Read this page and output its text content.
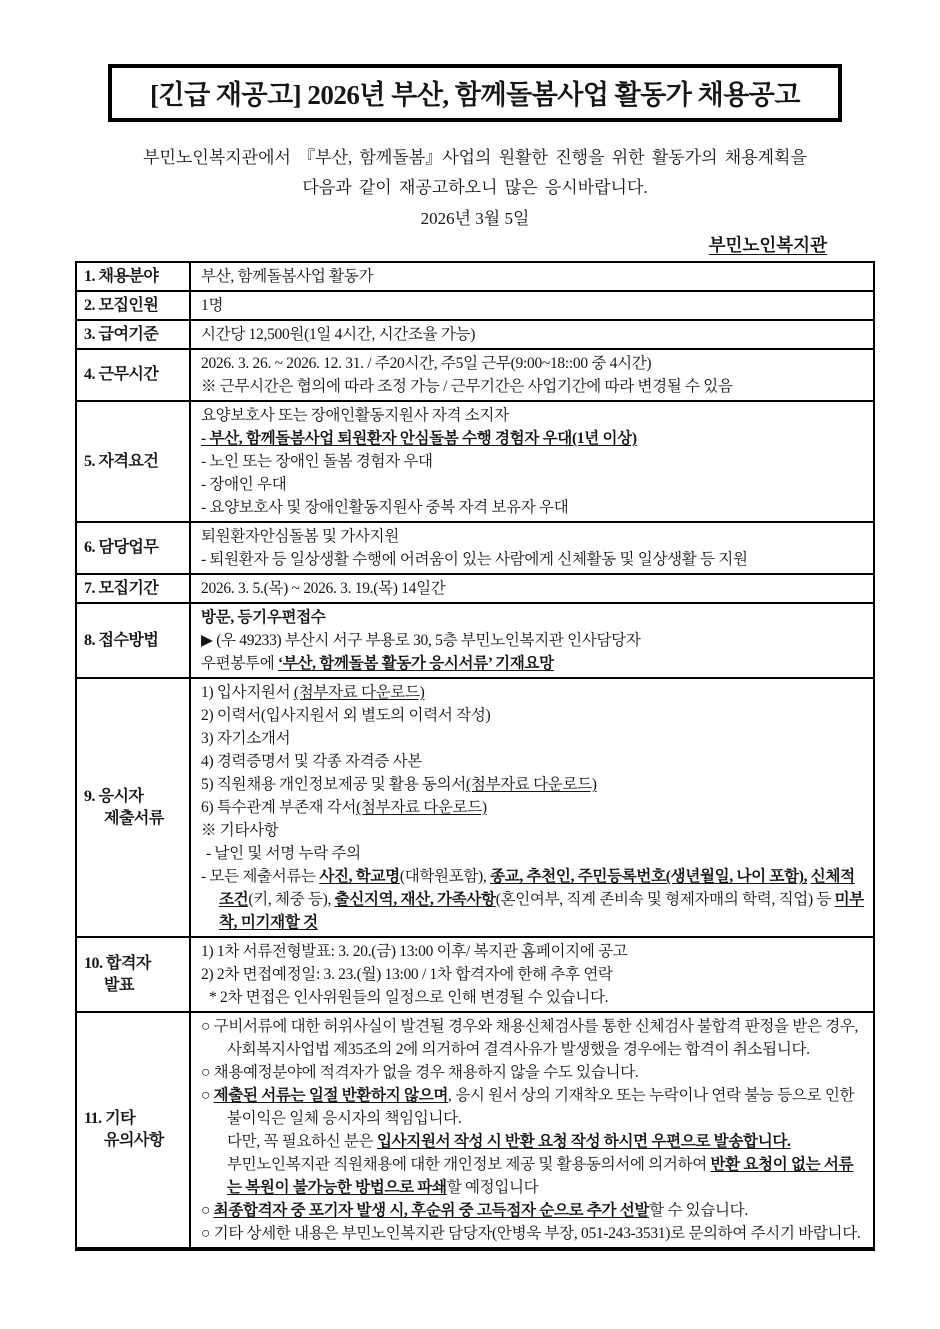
[긴급 재공고] 2026년 부산, 함께돌봄사업 활동가 채용공고
부민노인복지관에서 『부산, 함께돌봄』사업의 원활한 진행을 위한 활동가의 채용계획을
다음과 같이 재공고하오니 많은 응시바랍니다.
2026년 3월 5일
부민노인복지관
1. 채용분야	부산, 함께돌봄사업 활동가

2. 모집인원	1명

3. 급여기준	시간당 12,500원(1일 4시간, 시간조율 가능)

4. 근무시간	2026. 3. 26. ~ 2026. 12. 31. / 주20시간, 주5일 근무(9:00~18::00 중 4시간)
※ 근무시간은 협의에 따라 조정 가능 / 근무기간은 사업기간에 따라 변경될 수 있음

5. 자격요건	요양보호사 또는 장애인활동지원사 자격 소지자
- 부산, 함께돌봄사업 퇴원환자 안심돌봄 수행 경험자 우대(1년 이상)
- 노인 또는 장애인 돌봄 경험자 우대
- 장애인 우대
- 요양보호사 및 장애인활동지원사 중복 자격 보유자 우대

6. 담당업무	퇴원환자안심돌봄 및 가사지원
- 퇴원환자 등 일상생활 수행에 어려움이 있는 사람에게 신체활동 및 일상생활 등 지원

7. 모집기간	2026. 3. 5.(목) ~ 2026. 3. 19.(목) 14일간

8. 접수방법	방문, 등기우편접수
▶ (우 49233) 부산시 서구 부용로 30, 5층 부민노인복지관 인사담당자
우편봉투에 ‘부산, 함께돌봄 활동가 응시서류’ 기재요망

9. 응시자
제출서류

1) 입사지원서 (첨부자료 다운로드)
2) 이력서(입사지원서 외 별도의 이력서 작성)
3) 자기소개서
4) 경력증명서 및 각종 자격증 사본
5) 직원채용 개인정보제공 및 활용 동의서(첨부자료 다운로드)
6) 특수관계 부존재 각서(첨부자료 다운로드)
※ 기타사항
- 날인 및 서명 누락 주의
- 모든 제출서류는 사진, 학교명(대학원포함), 종교, 추천인, 주민등록번호(생년월일, 나이 포함), 신체적조건(키, 체중 등), 출신지역, 재산, 가족사항(혼인여부, 직계 존비속 및 형제자매의 학력, 직업) 등 미부착, 미기재할 것

10. 합격자
발표

1) 1차 서류전형발표: 3. 20.(금) 13:00 이후/ 복지관 홈페이지에 공고
2) 2차 면접예정일: 3. 23.(월) 13:00 / 1차 합격자에 한해 추후 연락
* 2차 면접은 인사위원들의 일정으로 인해 변경될 수 있습니다.

11. 기타
유의사항

○ 구비서류에 대한 허위사실이 발견될 경우와 채용신체검사를 통한 신체검사 불합격 판정을 받은 경우, 사회복지사업법 제35조의 2에 의거하여 결격사유가 발생했을 경우에는 합격이 취소됩니다.
○ 채용예정분야에 적격자가 없을 경우 채용하지 않을 수도 있습니다.
○ 제출된 서류는 일절 반환하지 않으며, 응시 원서 상의 기재착오 또는 누락이나 연락 불능 등으로 인한 불이익은 일체 응시자의 책임입니다.
다만, 꼭 필요하신 분은 입사지원서 작성 시 반환 요청 작성 하시면 우편으로 발송합니다.
부민노인복지관 직원채용에 대한 개인정보 제공 및 활용동의서에 의거하여 반환 요청이 없는 서류는 복원이 불가능한 방법으로 파쇄할 예정입니다
○ 최종합격자 중 포기자 발생 시, 후순위 중 고득점자 순으로 추가 선발할 수 있습니다.
○ 기타 상세한 내용은 부민노인복지관 담당자(안병욱 부장, 051-243-3531)로 문의하여 주시기 바랍니다.
